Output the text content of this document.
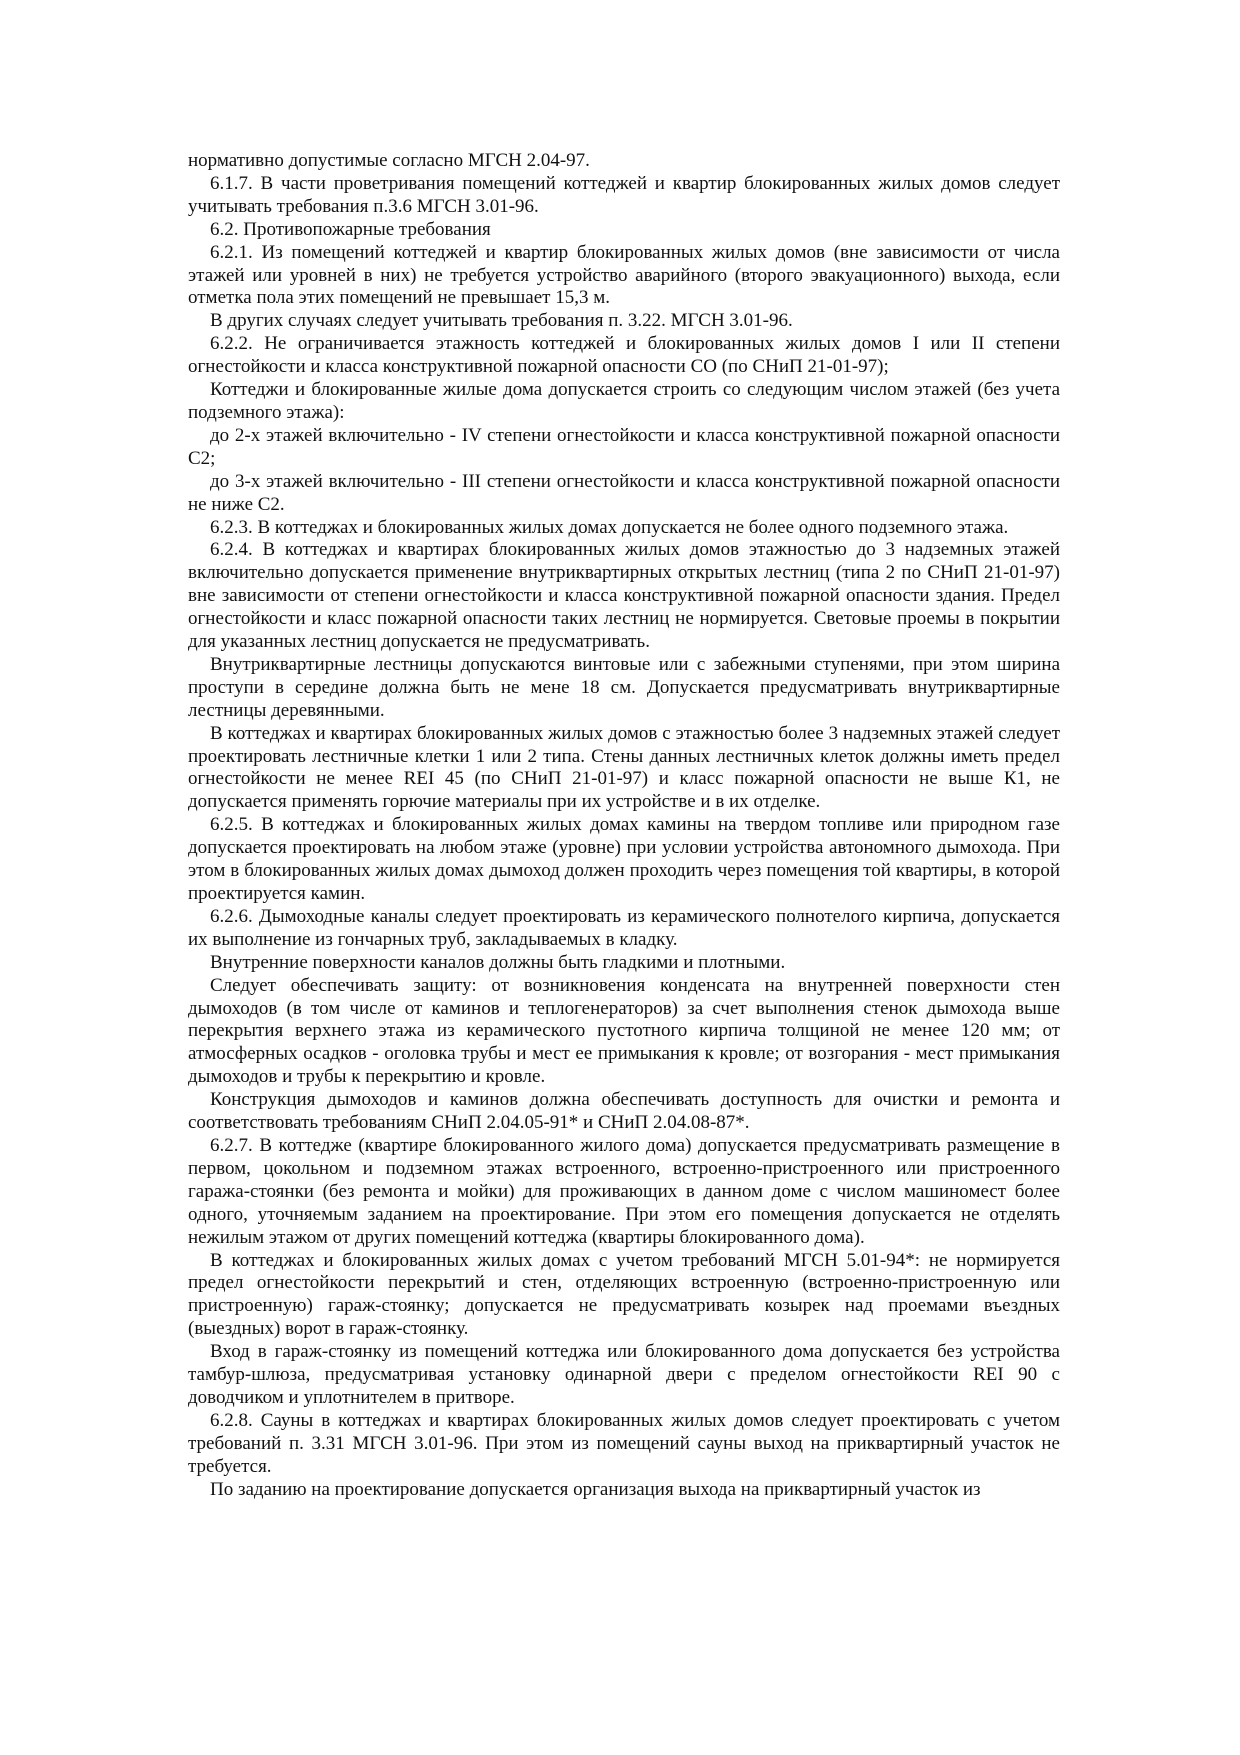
нормативно допустимые согласно МГСН 2.04-97.

6.1.7. В части проветривания помещений коттеджей и квартир блокированных жилых домов следует учитывать требования п.3.6 МГСН 3.01-96.

6.2. Противопожарные требования

6.2.1. Из помещений коттеджей и квартир блокированных жилых домов (вне зависимости от числа этажей или уровней в них) не требуется устройство аварийного (второго эвакуационного) выхода, если отметка пола этих помещений не превышает 15,3 м.

В других случаях следует учитывать требования п. 3.22. МГСН 3.01-96.

6.2.2. Не ограничивается этажность коттеджей и блокированных жилых домов I или II степени огнестойкости и класса конструктивной пожарной опасности СО (по СНиП 21-01-97);

Коттеджи и блокированные жилые дома допускается строить со следующим числом этажей (без учета подземного этажа):

до 2-х этажей включительно - IV степени огнестойкости и класса конструктивной пожарной опасности С2;

до 3-х этажей включительно - III степени огнестойкости и класса конструктивной пожарной опасности не ниже С2.

6.2.3. В коттеджах и блокированных жилых домах допускается не более одного подземного этажа.

6.2.4. В коттеджах и квартирах блокированных жилых домов этажностью до 3 надземных этажей включительно допускается применение внутриквартирных открытых лестниц (типа 2 по СНиП 21-01-97) вне зависимости от степени огнестойкости и класса конструктивной пожарной опасности здания. Предел огнестойкости и класс пожарной опасности таких лестниц не нормируется. Световые проемы в покрытии для указанных лестниц допускается не предусматривать.

Внутриквартирные лестницы допускаются винтовые или с забежными ступенями, при этом ширина проступи в середине должна быть не мене 18 см. Допускается предусматривать внутриквартирные лестницы деревянными.

В коттеджах и квартирах блокированных жилых домов с этажностью более 3 надземных этажей следует проектировать лестничные клетки 1 или 2 типа. Стены данных лестничных клеток должны иметь предел огнестойкости не менее REI 45 (по СНиП 21-01-97) и класс пожарной опасности не выше К1, не допускается применять горючие материалы при их устройстве и в их отделке.

6.2.5. В коттеджах и блокированных жилых домах камины на твердом топливе или природном газе допускается проектировать на любом этаже (уровне) при условии устройства автономного дымохода. При этом в блокированных жилых домах дымоход должен проходить через помещения той квартиры, в которой проектируется камин.

6.2.6. Дымоходные каналы следует проектировать из керамического полнотелого кирпича, допускается их выполнение из гончарных труб, закладываемых в кладку.

Внутренние поверхности каналов должны быть гладкими и плотными.

Следует обеспечивать защиту: от возникновения конденсата на внутренней поверхности стен дымоходов (в том числе от каминов и теплогенераторов) за счет выполнения стенок дымохода выше перекрытия верхнего этажа из керамического пустотного кирпича толщиной не менее 120 мм; от атмосферных осадков - оголовка трубы и мест ее примыкания к кровле; от возгорания - мест примыкания дымоходов и трубы к перекрытию и кровле.

Конструкция дымоходов и каминов должна обеспечивать доступность для очистки и ремонта и соответствовать требованиям СНиП 2.04.05-91* и СНиП 2.04.08-87*.

6.2.7. В коттедже (квартире блокированного жилого дома) допускается предусматривать размещение в первом, цокольном и подземном этажах встроенного, встроенно-пристроенного или пристроенного гаража-стоянки (без ремонта и мойки) для проживающих в данном доме с числом машиномест более одного, уточняемым заданием на проектирование. При этом его помещения допускается не отделять нежилым этажом от других помещений коттеджа (квартиры блокированного дома).

В коттеджах и блокированных жилых домах с учетом требований МГСН 5.01-94*: не нормируется предел огнестойкости перекрытий и стен, отделяющих встроенную (встроенно-пристроенную или пристроенную) гараж-стоянку; допускается не предусматривать козырек над проемами въездных (выездных) ворот в гараж-стоянку.

Вход в гараж-стоянку из помещений коттеджа или блокированного дома допускается без устройства тамбур-шлюза, предусматривая установку одинарной двери с пределом огнестойкости REI 90 с доводчиком и уплотнителем в притворе.

6.2.8. Сауны в коттеджах и квартирах блокированных жилых домов следует проектировать с учетом требований п. 3.31 МГСН 3.01-96. При этом из помещений сауны выход на приквартирный участок не требуется.

По заданию на проектирование допускается организация выхода на приквартирный участок из
